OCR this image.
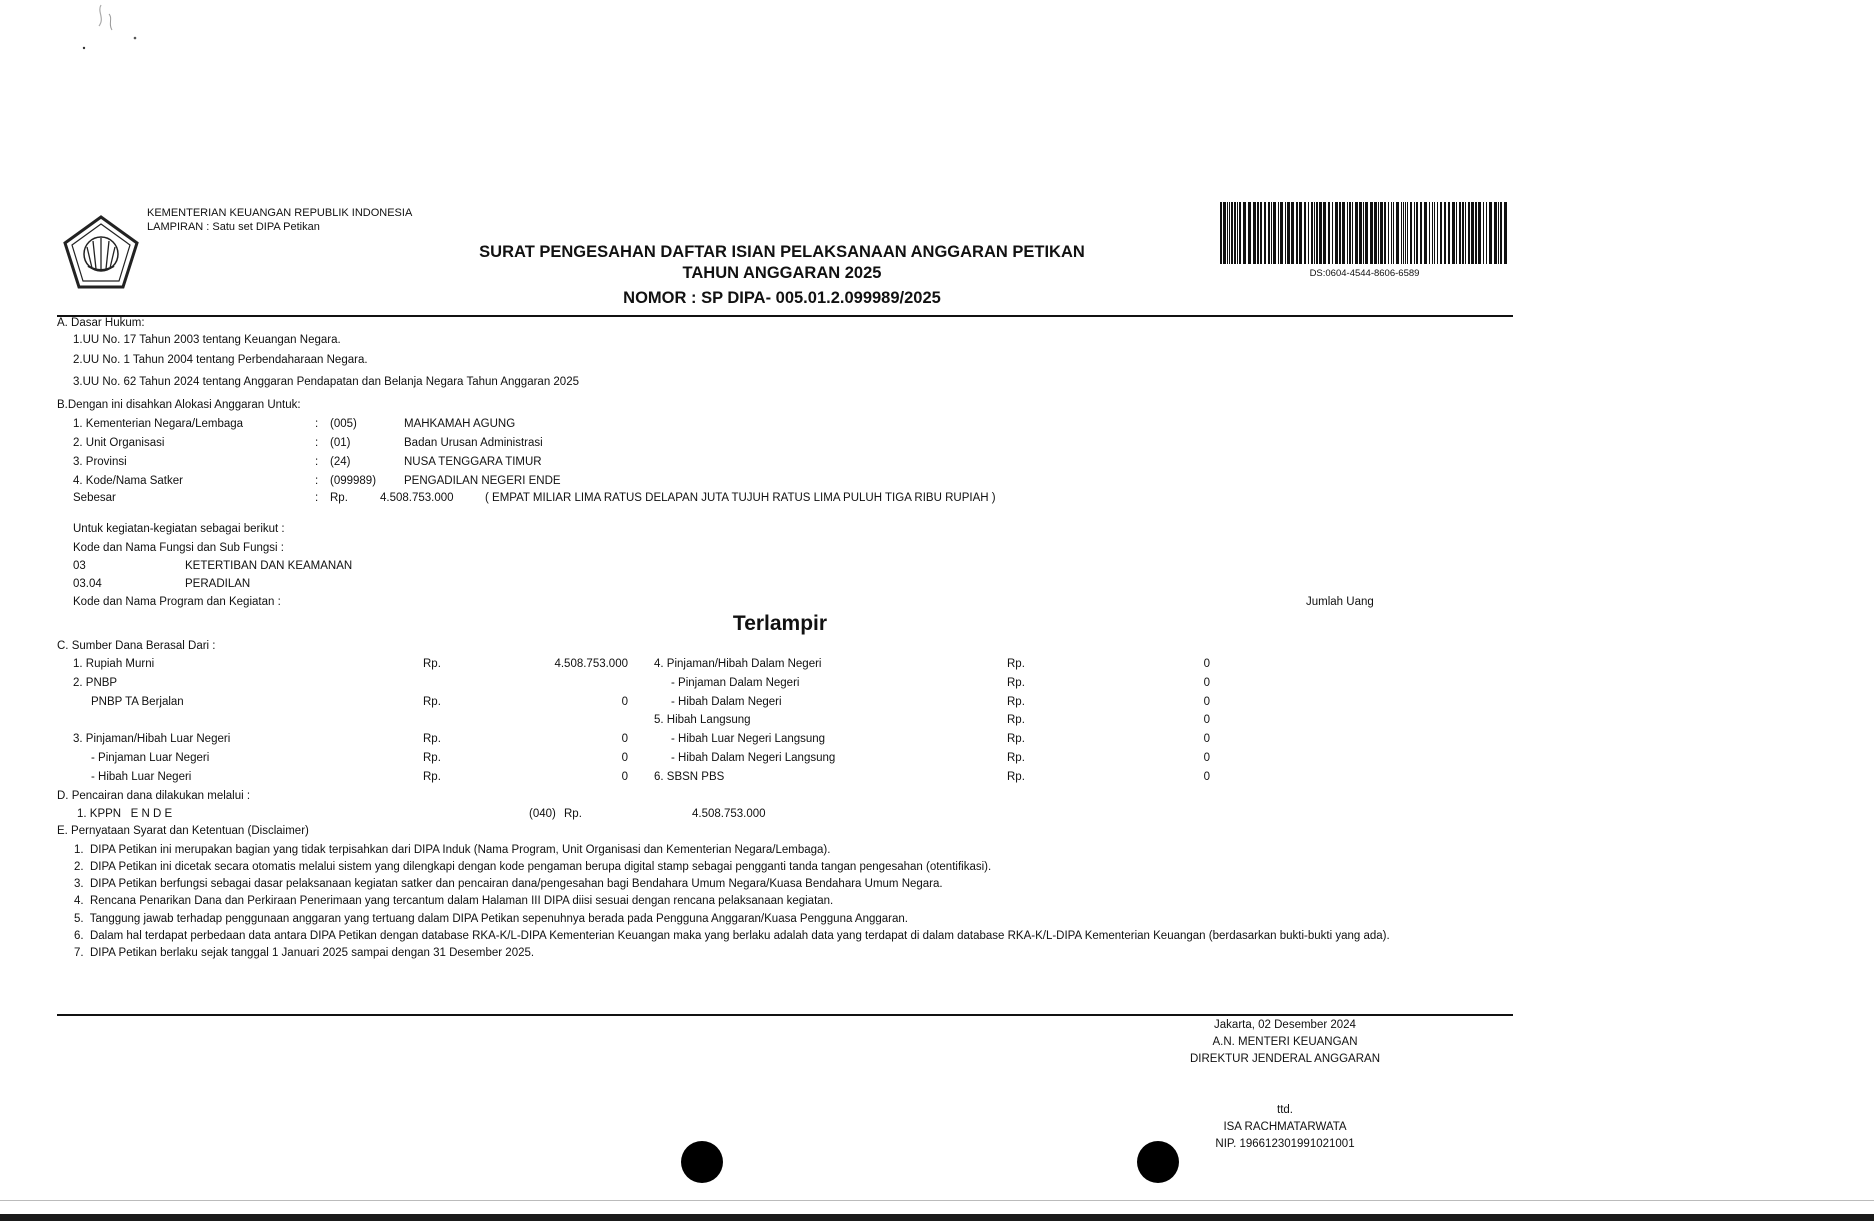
KEMENTERIAN KEUANGAN REPUBLIK INDONESIA
LAMPIRAN : Satu set DIPA Petikan
SURAT PENGESAHAN DAFTAR ISIAN PELAKSANAAN ANGGARAN PETIKAN
TAHUN ANGGARAN 2025
NOMOR : SP DIPA- 005.01.2.099989/2025
DS:0604-4544-8606-6589
A. Dasar Hukum:
1.UU No. 17 Tahun 2003 tentang Keuangan Negara.
2.UU No. 1 Tahun 2004 tentang Perbendaharaan Negara.
3.UU No. 62 Tahun 2024 tentang Anggaran Pendapatan dan Belanja Negara Tahun Anggaran 2025
B.Dengan ini disahkan Alokasi Anggaran Untuk:
1. Kementerian Negara/Lembaga	: (005)	MAHKAMAH AGUNG
2. Unit Organisasi	: (01)	Badan Urusan Administrasi
3. Provinsi	: (24)	NUSA TENGGARA TIMUR
4. Kode/Nama Satker	: (099989) PENGADILAN NEGERI ENDE
Sebesar	: Rp.	4.508.753.000	( EMPAT MILIAR LIMA RATUS DELAPAN JUTA TUJUH RATUS LIMA PULUH TIGA RIBU RUPIAH )
Untuk kegiatan-kegiatan sebagai berikut :
Kode dan Nama Fungsi dan Sub Fungsi :
03	KETERTIBAN DAN KEAMANAN
03.04	PERADILAN
Kode dan Nama Program dan Kegiatan :	Jumlah Uang
Terlampir
C. Sumber Dana Berasal Dari :
1. Rupiah Murni	Rp.	4.508.753.000
2. PNBP
PNBP TA Berjalan	Rp.	0
3. Pinjaman/Hibah Luar Negeri	Rp.	0
- Pinjaman Luar Negeri	Rp.	0
- Hibah Luar Negeri	Rp.	0
4. Pinjaman/Hibah Dalam Negeri	Rp.	0
- Pinjaman Dalam Negeri	Rp.	0
- Hibah Dalam Negeri	Rp.	0
5. Hibah Langsung	Rp.	0
- Hibah Luar Negeri Langsung	Rp.	0
- Hibah Dalam Negeri Langsung	Rp.	0
6. SBSN PBS	Rp.	0
D. Pencairan dana dilakukan melalui :
1. KPPN   E N D E	(040) Rp.	4.508.753.000
E. Pernyataan Syarat dan Ketentuan (Disclaimer)
1.  DIPA Petikan ini merupakan bagian yang tidak terpisahkan dari DIPA Induk (Nama Program, Unit Organisasi dan Kementerian Negara/Lembaga).
2.  DIPA Petikan ini dicetak secara otomatis melalui sistem yang dilengkapi dengan kode pengaman berupa digital stamp sebagai pengganti tanda tangan pengesahan (otentifikasi).
3.  DIPA Petikan berfungsi sebagai dasar pelaksanaan kegiatan satker dan pencairan dana/pengesahan bagi Bendahara Umum Negara/Kuasa Bendahara Umum Negara.
4.  Rencana Penarikan Dana dan Perkiraan Penerimaan yang tercantum dalam Halaman III DIPA diisi sesuai dengan rencana pelaksanaan kegiatan.
5.  Tanggung jawab terhadap penggunaan anggaran yang tertuang dalam DIPA Petikan sepenuhnya berada pada Pengguna Anggaran/Kuasa Pengguna Anggaran.
6.  Dalam hal terdapat perbedaan data antara DIPA Petikan dengan database RKA-K/L-DIPA Kementerian Keuangan maka yang berlaku adalah data yang terdapat di dalam database RKA-K/L-DIPA Kementerian Keuangan (berdasarkan bukti-bukti yang ada).
7.  DIPA Petikan berlaku sejak tanggal 1 Januari 2025 sampai dengan 31 Desember 2025.
Jakarta, 02 Desember 2024
A.N. MENTERI KEUANGAN
DIREKTUR JENDERAL ANGGARAN
ttd.
ISA RACHMATARWATA
NIP. 196612301991021001
